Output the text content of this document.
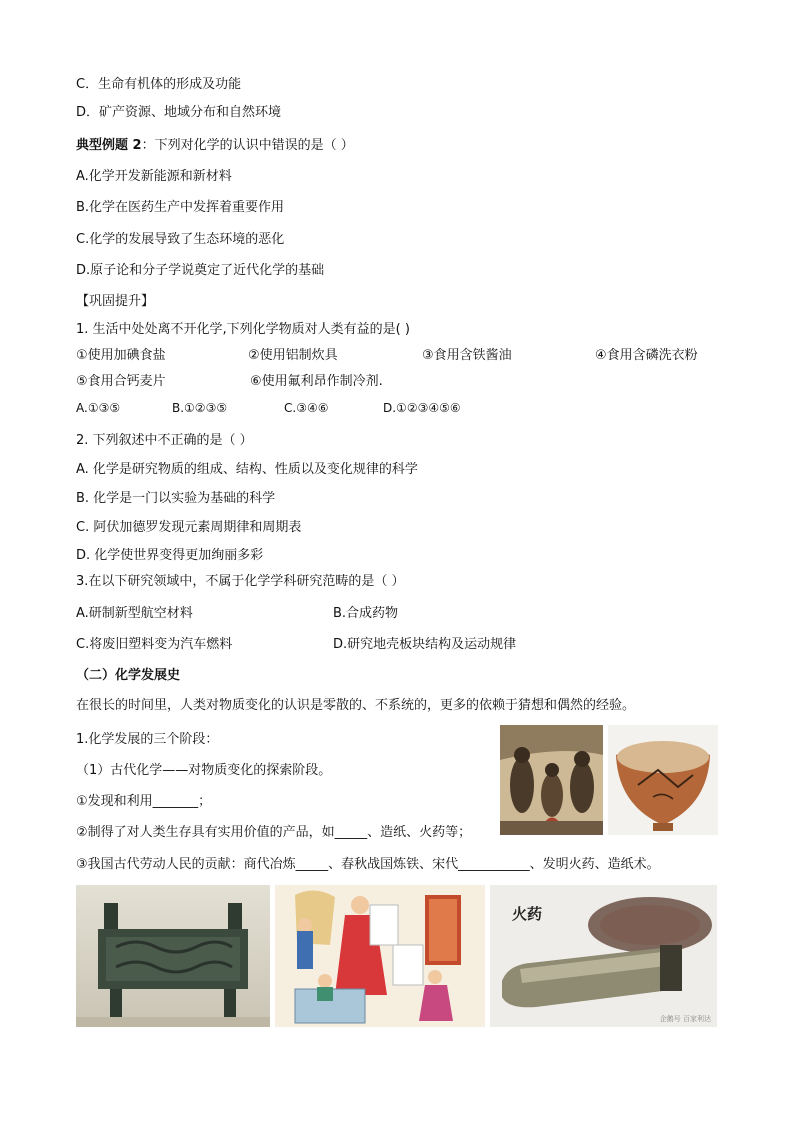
C．生命有机体的形成及功能
D．矿产资源、地域分布和自然环境
典型例题 2：下列对化学的认识中错误的是（ ）
A.化学开发新能源和新材料
B.化学在医药生产中发挥着重要作用
C.化学的发展导致了生态环境的恶化
D.原子论和分子学说奠定了近代化学的基础
【巩固提升】
1. 生活中处处离不开化学,下列化学物质对人类有益的是( )
①使用加碘食盐	②使用铝制炊具	③食用含铁酱油	④食用含磷洗衣粉
⑤食用合钙麦片	⑥使用氟利昂作制冷剂.
A.①③⑤	B.①②③⑤	C.③④⑥	D.①②③④⑤⑥
2. 下列叙述中不正确的是（ ）
A. 化学是研究物质的组成、结构、性质以及变化规律的科学
B. 化学是一门以实验为基础的科学
C. 阿伏加德罗发现元素周期律和周期表
D. 化学使世界变得更加绚丽多彩
3.在以下研究领域中，不属于化学学科研究范畴的是（ ）
A.研制新型航空材料	B.合成药物
C.将废旧塑料变为汽车燃料	D.研究地壳板块结构及运动规律
（二）化学发展史
在很长的时间里，人类对物质变化的认识是零散的、不系统的，更多的依赖于猜想和偶然的经验。
1.化学发展的三个阶段：
（1）古代化学——对物质变化的探索阶段。
①发现和利用_______；
②制得了对人类生存具有实用价值的产品，如_____、造纸、火药等；
③我国古代劳动人民的贡献：商代冶炼_____、春秋战国炼铁、宋代___________、发明火药、造纸术。
火药
企鹅号 百家利达
